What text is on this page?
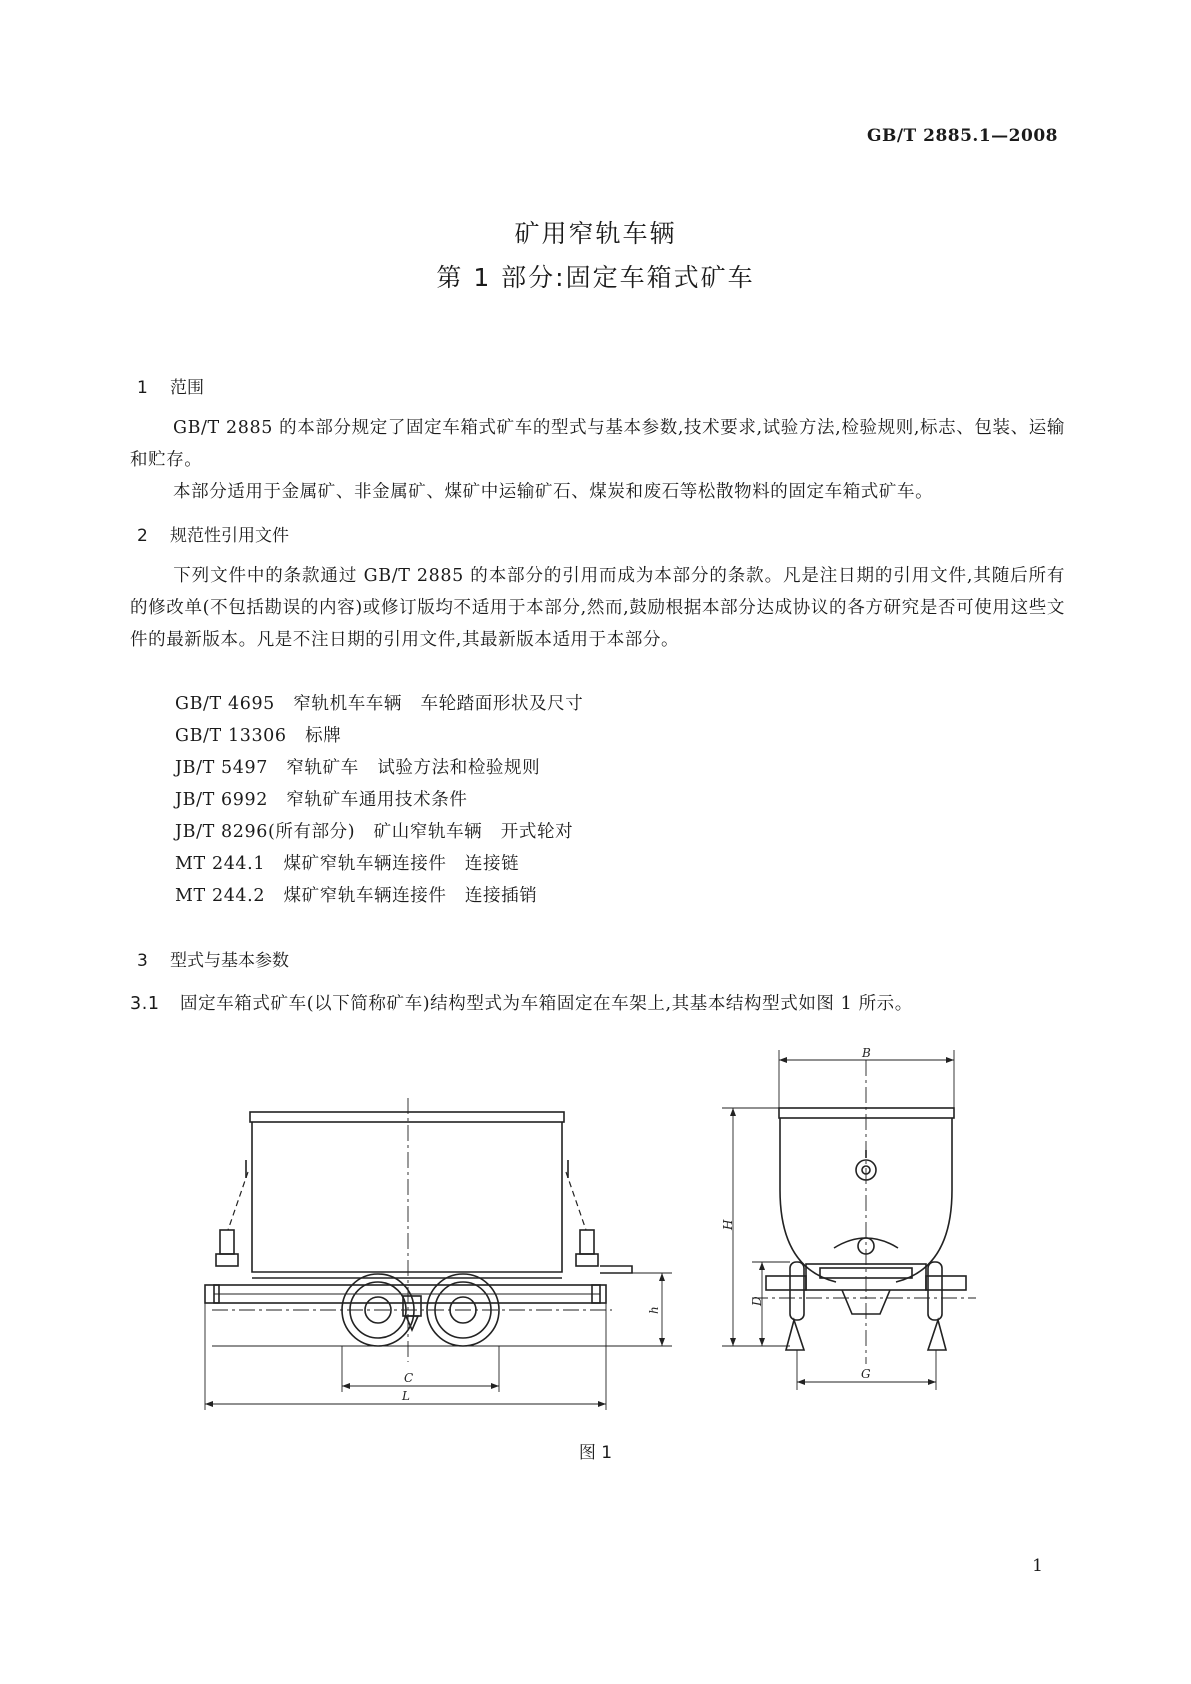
GB/T 2885.1—2008
矿用窄轨车辆
第 1 部分:固定车箱式矿车
1 范围
GB/T 2885 的本部分规定了固定车箱式矿车的型式与基本参数,技术要求,试验方法,检验规则,标志、包装、运输和贮存。
本部分适用于金属矿、非金属矿、煤矿中运输矿石、煤炭和废石等松散物料的固定车箱式矿车。
2 规范性引用文件
下列文件中的条款通过 GB/T 2885 的本部分的引用而成为本部分的条款。凡是注日期的引用文件,其随后所有的修改单(不包括勘误的内容)或修订版均不适用于本部分,然而,鼓励根据本部分达成协议的各方研究是否可使用这些文件的最新版本。凡是不注日期的引用文件,其最新版本适用于本部分。
GB/T 4695   窄轨机车车辆   车轮踏面形状及尺寸
GB/T 13306   标牌
JB/T 5497   窄轨矿车   试验方法和检验规则
JB/T 6992   窄轨矿车通用技术条件
JB/T 8296(所有部分)   矿山窄轨车辆   开式轮对
MT 244.1   煤矿窄轨车辆连接件   连接链
MT 244.2   煤矿窄轨车辆连接件   连接插销
3 型式与基本参数
3.1 固定车箱式矿车(以下简称矿车)结构型式为车箱固定在车架上,其基本结构型式如图 1 所示。
B
H
D
G
h
C
L
图 1
1
